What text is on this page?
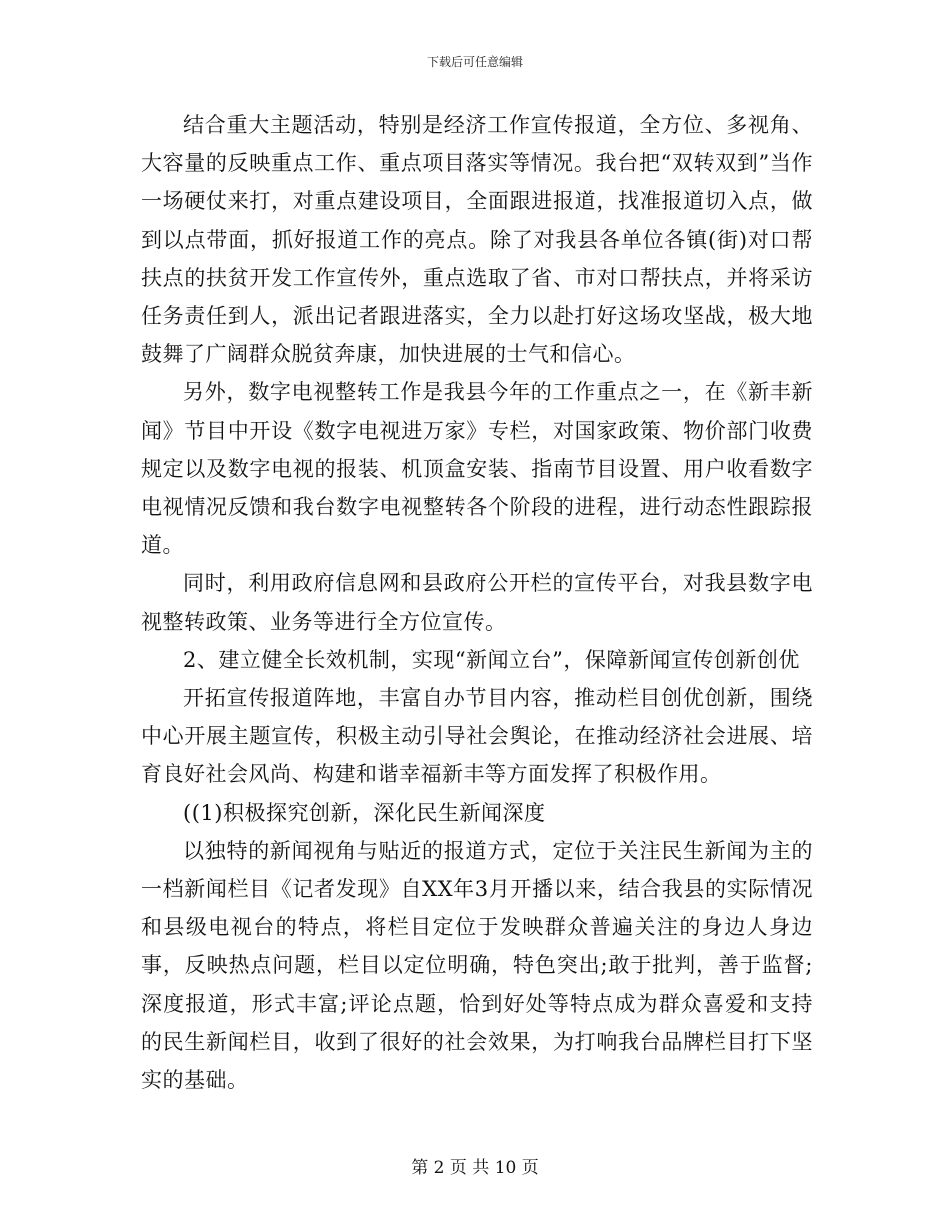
下载后可任意编辑

结合重大主题活动，特别是经济工作宣传报道，全方位、多视角、大容量的反映重点工作、重点项目落实等情况。我台把“双转双到”当作一场硬仗来打，对重点建设项目，全面跟进报道，找准报道切入点，做到以点带面，抓好报道工作的亮点。除了对我县各单位各镇(街)对口帮扶点的扶贫开发工作宣传外，重点选取了省、市对口帮扶点，并将采访任务责任到人，派出记者跟进落实，全力以赴打好这场攻坚战，极大地鼓舞了广阔群众脱贫奔康，加快进展的士气和信心。

另外，数字电视整转工作是我县今年的工作重点之一，在《新丰新闻》节目中开设《数字电视进万家》专栏，对国家政策、物价部门收费规定以及数字电视的报装、机顶盒安装、指南节目设置、用户收看数字电视情况反馈和我台数字电视整转各个阶段的进程，进行动态性跟踪报道。

同时，利用政府信息网和县政府公开栏的宣传平台，对我县数字电视整转政策、业务等进行全方位宣传。

2、建立健全长效机制，实现“新闻立台”，保障新闻宣传创新创优

开拓宣传报道阵地，丰富自办节目内容，推动栏目创优创新，围绕中心开展主题宣传，积极主动引导社会舆论，在推动经济社会进展、培育良好社会风尚、构建和谐幸福新丰等方面发挥了积极作用。

((1)积极探究创新，深化民生新闻深度

以独特的新闻视角与贴近的报道方式，定位于关注民生新闻为主的一档新闻栏目《记者发现》自XX年3月开播以来，结合我县的实际情况和县级电视台的特点，将栏目定位于发映群众普遍关注的身边人身边事，反映热点问题，栏目以定位明确，特色突出;敢于批判，善于监督;深度报道，形式丰富;评论点题，恰到好处等特点成为群众喜爱和支持的民生新闻栏目，收到了很好的社会效果，为打响我台品牌栏目打下坚实的基础。

第 2 页 共 10 页
